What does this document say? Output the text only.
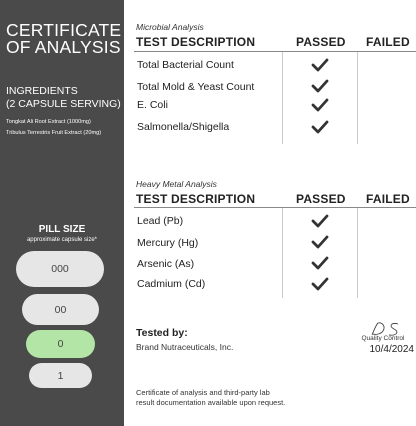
CERTIFICATE
OF ANALYSIS
INGREDIENTS
(2 CAPSULE SERVING)
Tongkat Ali Root Extract (1000mg)
Tribulus Terrestris Fruit Extract (20mg)
PILL SIZE
approximate capsule size*
000
00
0
1
Microbial Analysis
TEST DESCRIPTION	PASSED FAILED
Total Bacterial Count
Total Mold & Yeast Count
E. Coli
Salmonella/Shigella
Heavy Metal Analysis
TEST DESCRIPTION	PASSED FAILED
Lead (Pb)
Mercury (Hg)
Arsenic (As)
Cadmium (Cd)
Tested by:
Brand Nutraceuticals, Inc.
Quality Control
10/4/2024
Certificate of analysis and third-party lab
result documentation available upon request.
